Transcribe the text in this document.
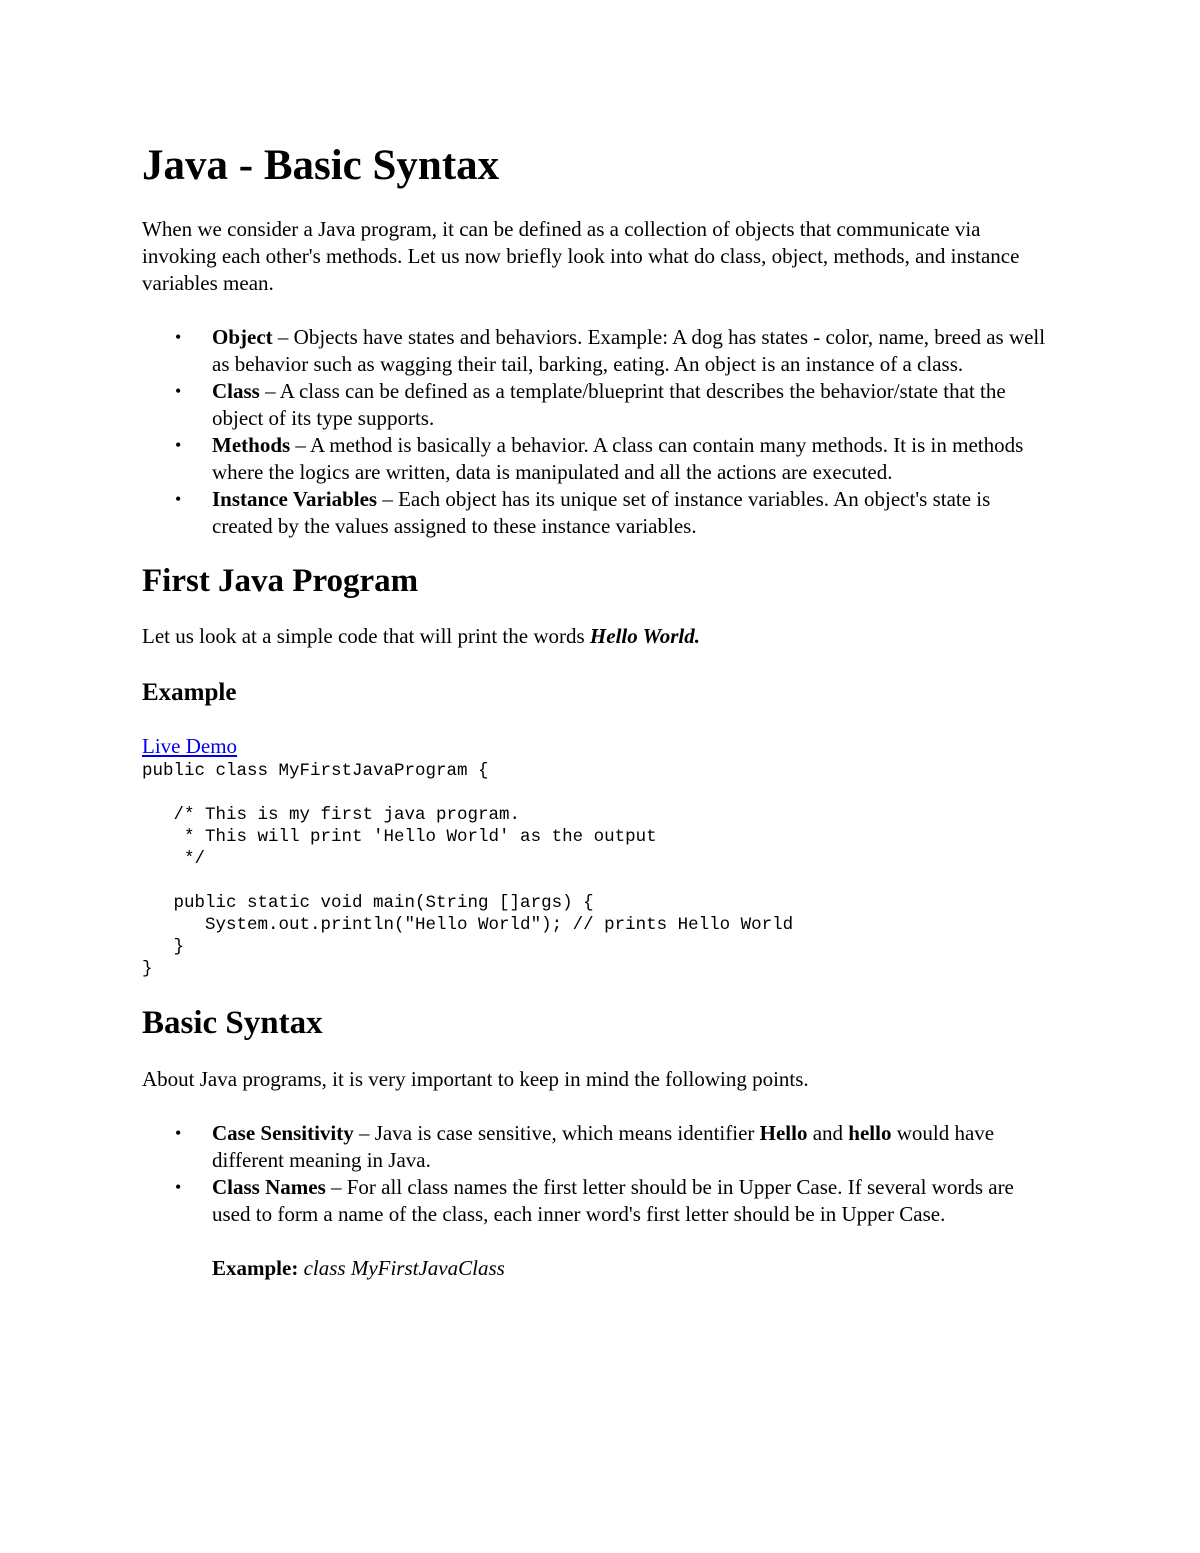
Java - Basic Syntax

When we consider a Java program, it can be defined as a collection of objects that communicate via invoking each other's methods. Let us now briefly look into what do class, object, methods, and instance variables mean.

• Object – Objects have states and behaviors. Example: A dog has states - color, name, breed as well as behavior such as wagging their tail, barking, eating. An object is an instance of a class.
• Class – A class can be defined as a template/blueprint that describes the behavior/state that the object of its type supports.
• Methods – A method is basically a behavior. A class can contain many methods. It is in methods where the logics are written, data is manipulated and all the actions are executed.
• Instance Variables – Each object has its unique set of instance variables. An object's state is created by the values assigned to these instance variables.
First Java Program

Let us look at a simple code that will print the words Hello World.

Example
Live Demo
public class MyFirstJavaProgram {

/* This is my first java program.
* This will print 'Hello World' as the output
*/

public static void main(String []args) {
System.out.println("Hello World"); // prints Hello World
}
}
Basic Syntax

About Java programs, it is very important to keep in mind the following points.

• Case Sensitivity – Java is case sensitive, which means identifier Hello and hello would have different meaning in Java.
• Class Names – For all class names the first letter should be in Upper Case. If several words are used to form a name of the class, each inner word's first letter should be in Upper Case.
Example: class MyFirstJavaClass
